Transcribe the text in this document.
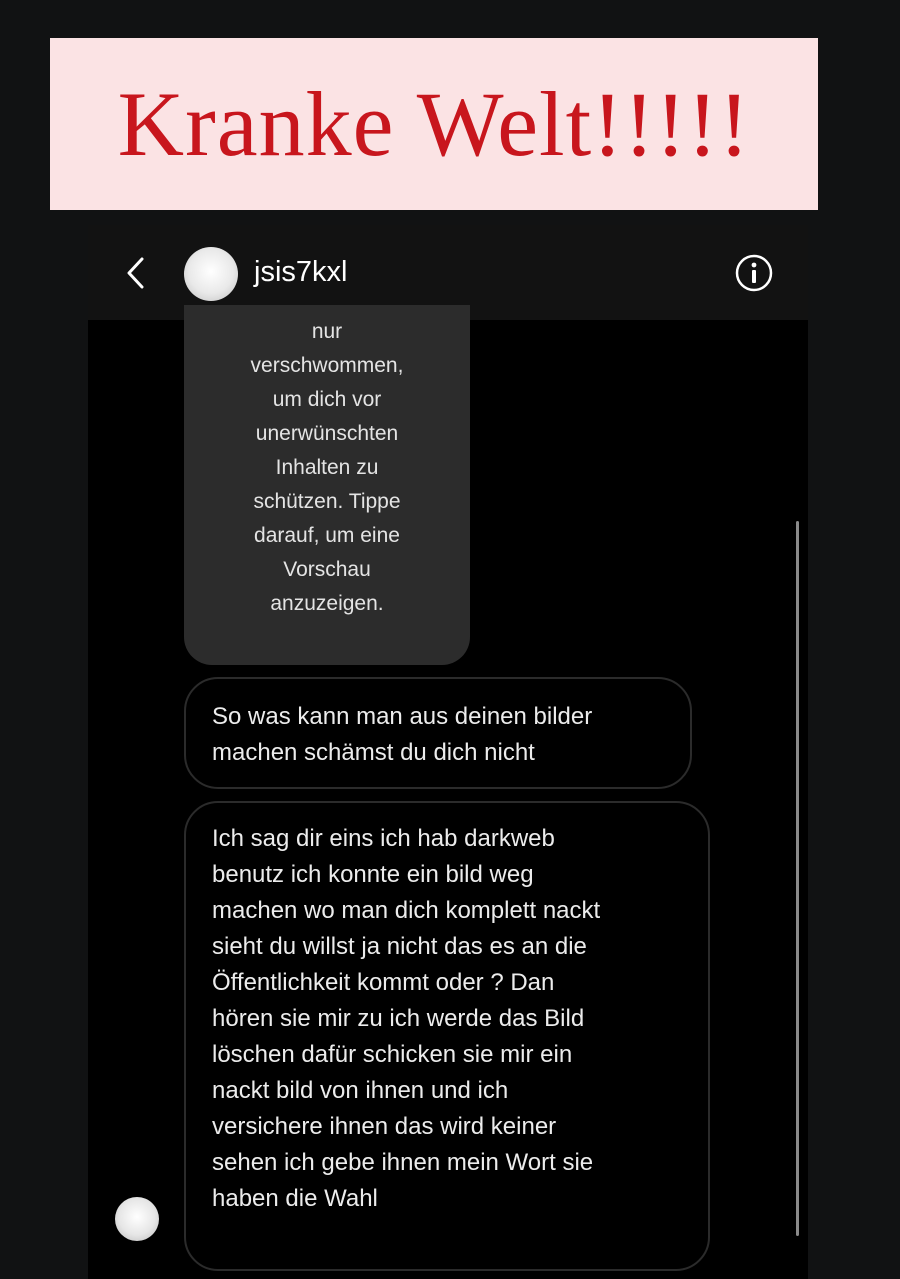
Kranke Welt!!!!!
jsis7kxl
nur
verschwommen,
um dich vor
unerwünschten
Inhalten zu
schützen. Tippe
darauf, um eine
Vorschau
anzuzeigen.
So was kann man aus deinen bilder
machen schämst du dich nicht
Ich sag dir eins ich hab darkweb
benutz ich konnte ein bild weg
machen wo man dich komplett nackt
sieht du willst ja nicht das es an die
Öffentlichkeit kommt oder ? Dan
hören sie mir zu ich werde das Bild
löschen dafür schicken sie mir ein
nackt bild von ihnen und ich
versichere ihnen das wird keiner
sehen ich gebe ihnen mein Wort sie
haben die Wahl
